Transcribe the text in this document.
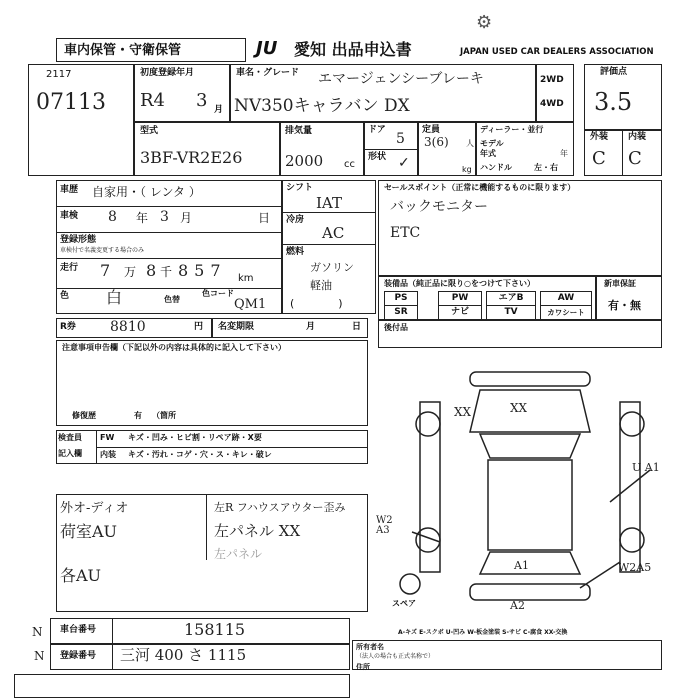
車内保管・守衛保管	JU 愛知 出品申込書	JAPAN USED CAR DEALERS ASSOCIATION
⚙
2117
07113
初度登録年月
R4 3 月
車名・グレード エマージェンシーブレーキ
NV350キャラバン DX
2WD
4WD
評価点
3.5
外装 内装
C C
型式
3BF-VR2E26
排気量
2000 cc
ドア
5
形状 ✓
定員
3(6) 人
kg
ディーラー・並行
モデル
年式	年
ハンドル	左・右
車歴 自家用・（ レンタ ）
車検 8 年 3 月	日
登録形態
車検付で名義変更する場合のみ
走行 7 万 8 千 857 km
色 白	色替
色コード
QM1
シフト
IAT
冷房
AC
燃料
ガソリン
軽油
(　　　　)
セールスポイント（正常に機能するものに限ります）
バックモニター
ETC
装備品（純正品に限り○をつけて下さい）
PS	PW	エアB	AW
SR	ナビ	TV	カワシート
新車保証
有・無
後付品
R券 8810	円 名変期限	月	日
注意事項申告欄（下記以外の内容は具体的に記入して下さい）
修復歴	有 （箇所
検査員
記入欄
FW キズ・凹み・ヒビ割・リペア跡・X要
内装 キズ・汚れ・コゲ・穴・ス・キレ・破レ
外オ-ディオ
荷室AU
各AU
左R フハウスアウター歪み
左パネル XX
左パネル
XX	XX
U A1
W2 A3
W2A5
A1
A2
スペア
A-キズ E-スクボ U-凹み W-板金塗装 S-サビ C-腐食 XX-交換
車台番号	158115
登録番号 三河 400 さ 1115
N
N
所有者名
（法人の場合も正式名称で）
住所
